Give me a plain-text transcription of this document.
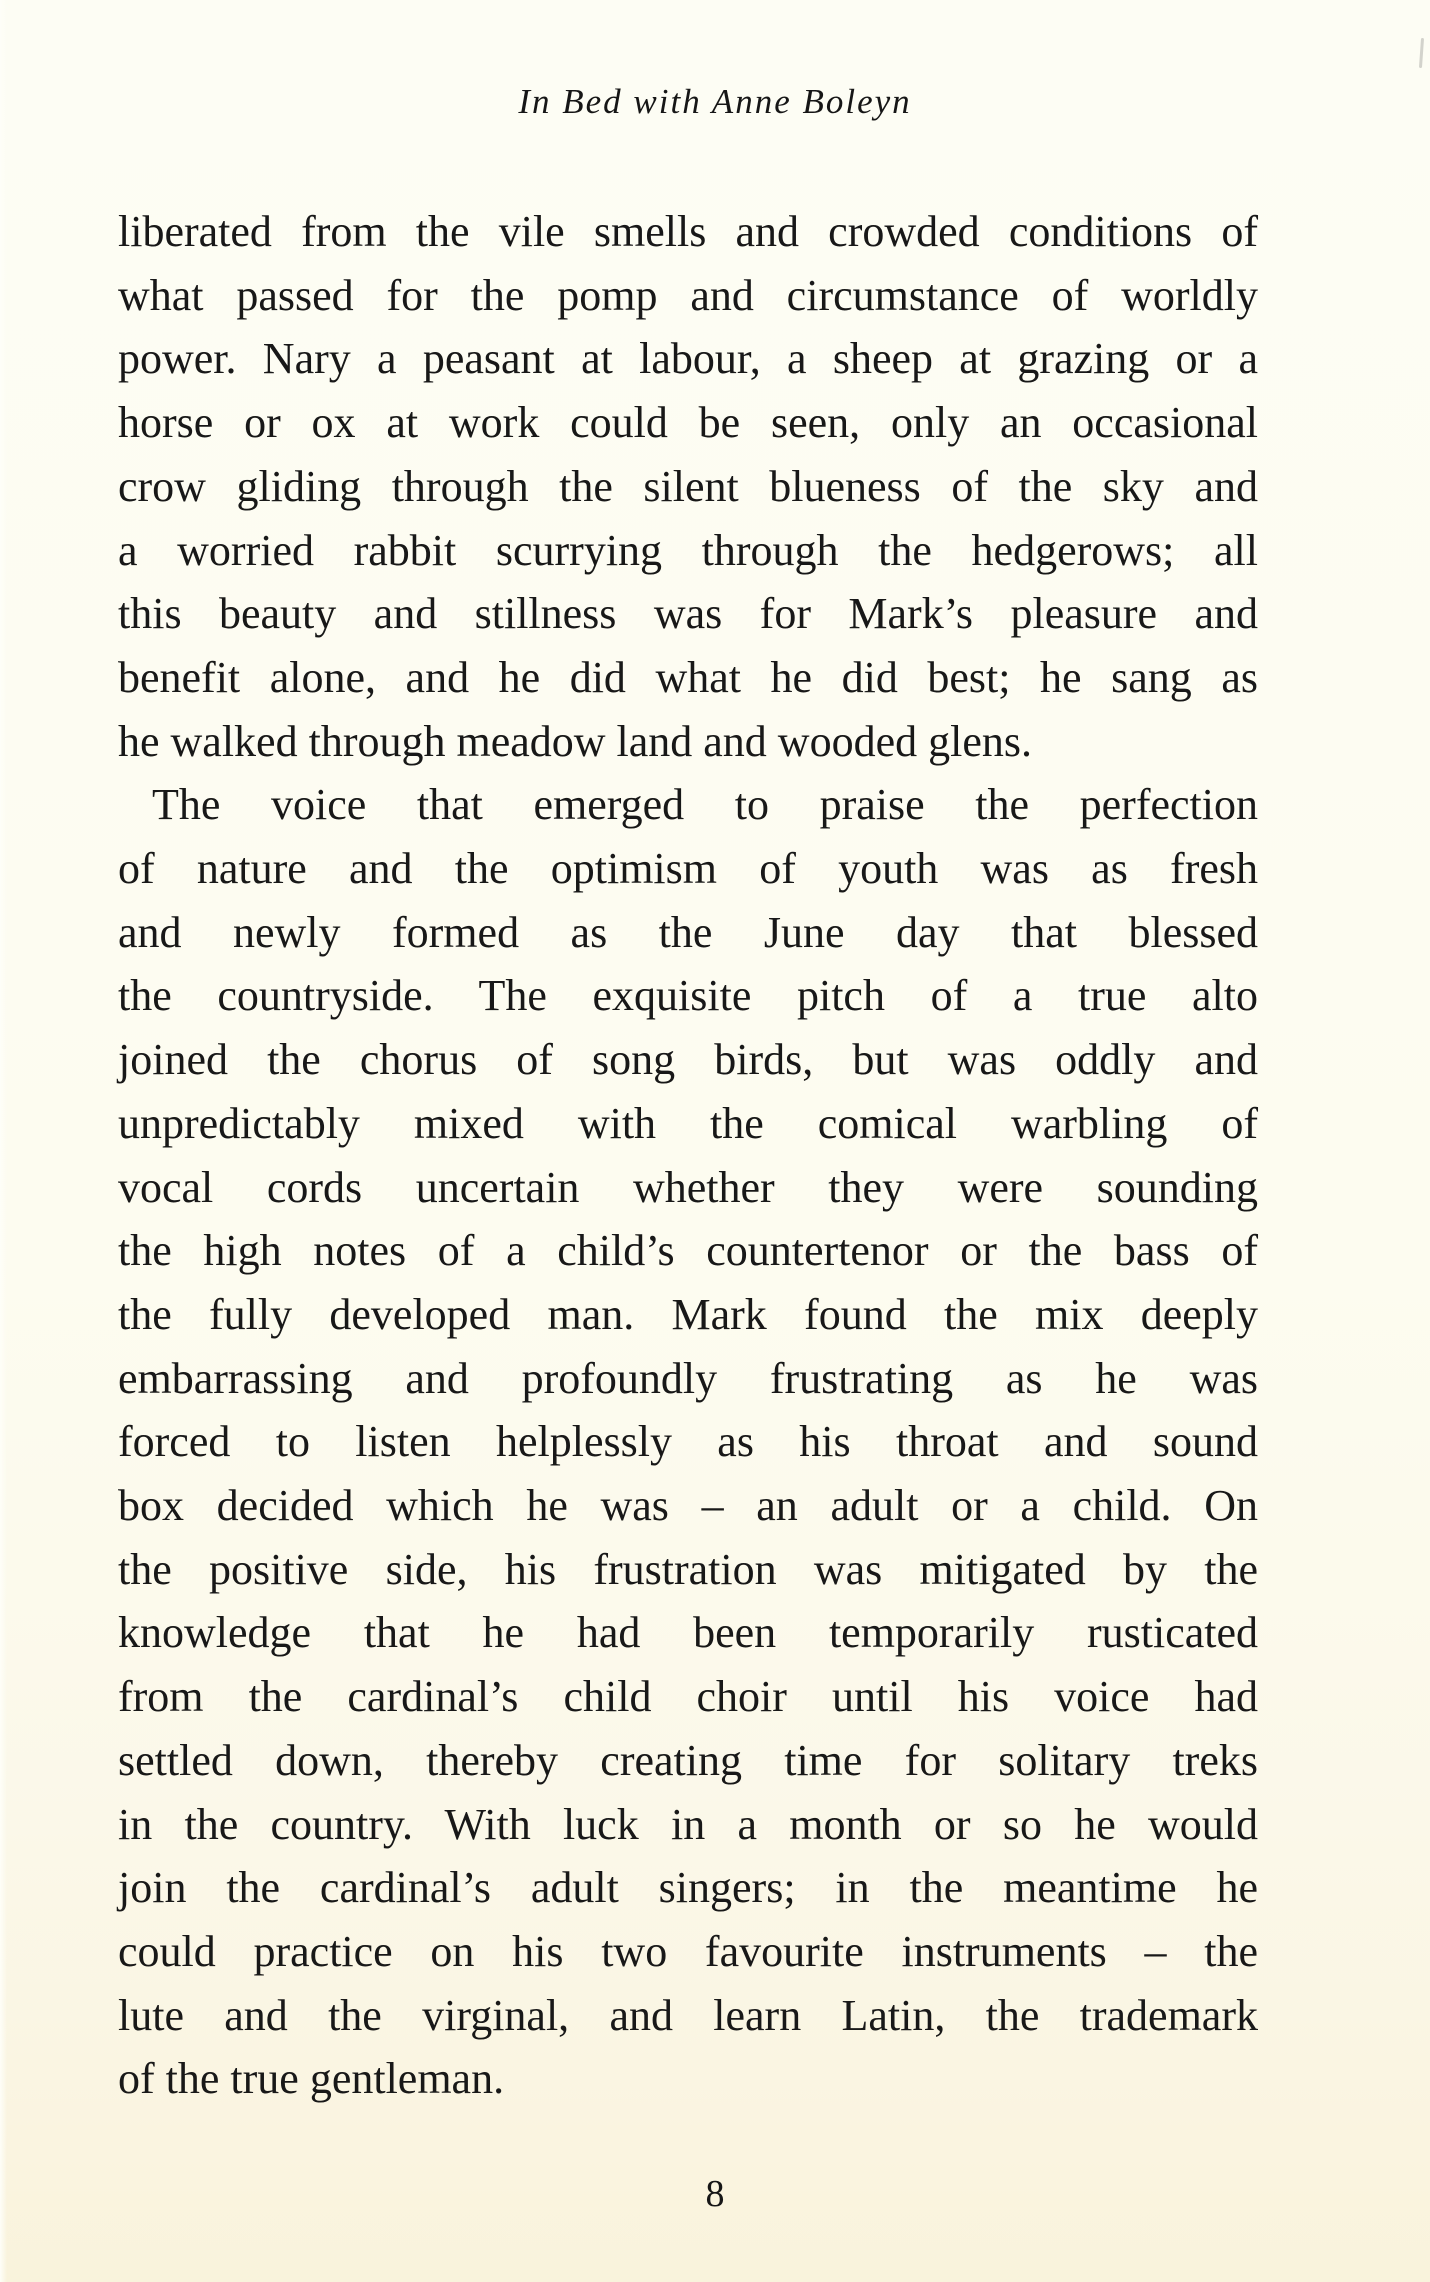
In Bed with Anne Boleyn
liberated from the vile smells and crowded conditions of
what passed for the pomp and circumstance of worldly
power. Nary a peasant at labour, a sheep at grazing or a
horse or ox at work could be seen, only an occasional
crow gliding through the silent blueness of the sky and
a worried rabbit scurrying through the hedgerows; all
this beauty and stillness was for Mark’s pleasure and
benefit alone, and he did what he did best; he sang as
he walked through meadow land and wooded glens.
The voice that emerged to praise the perfection
of nature and the optimism of youth was as fresh
and newly formed as the June day that blessed
the countryside. The exquisite pitch of a true alto
joined the chorus of song birds, but was oddly and
unpredictably mixed with the comical warbling of
vocal cords uncertain whether they were sounding
the high notes of a child’s countertenor or the bass of
the fully developed man. Mark found the mix deeply
embarrassing and profoundly frustrating as he was
forced to listen helplessly as his throat and sound
box decided which he was – an adult or a child. On
the positive side, his frustration was mitigated by the
knowledge that he had been temporarily rusticated
from the cardinal’s child choir until his voice had
settled down, thereby creating time for solitary treks
in the country. With luck in a month or so he would
join the cardinal’s adult singers; in the meantime he
could practice on his two favourite instruments – the
lute and the virginal, and learn Latin, the trademark
of the true gentleman.
8
